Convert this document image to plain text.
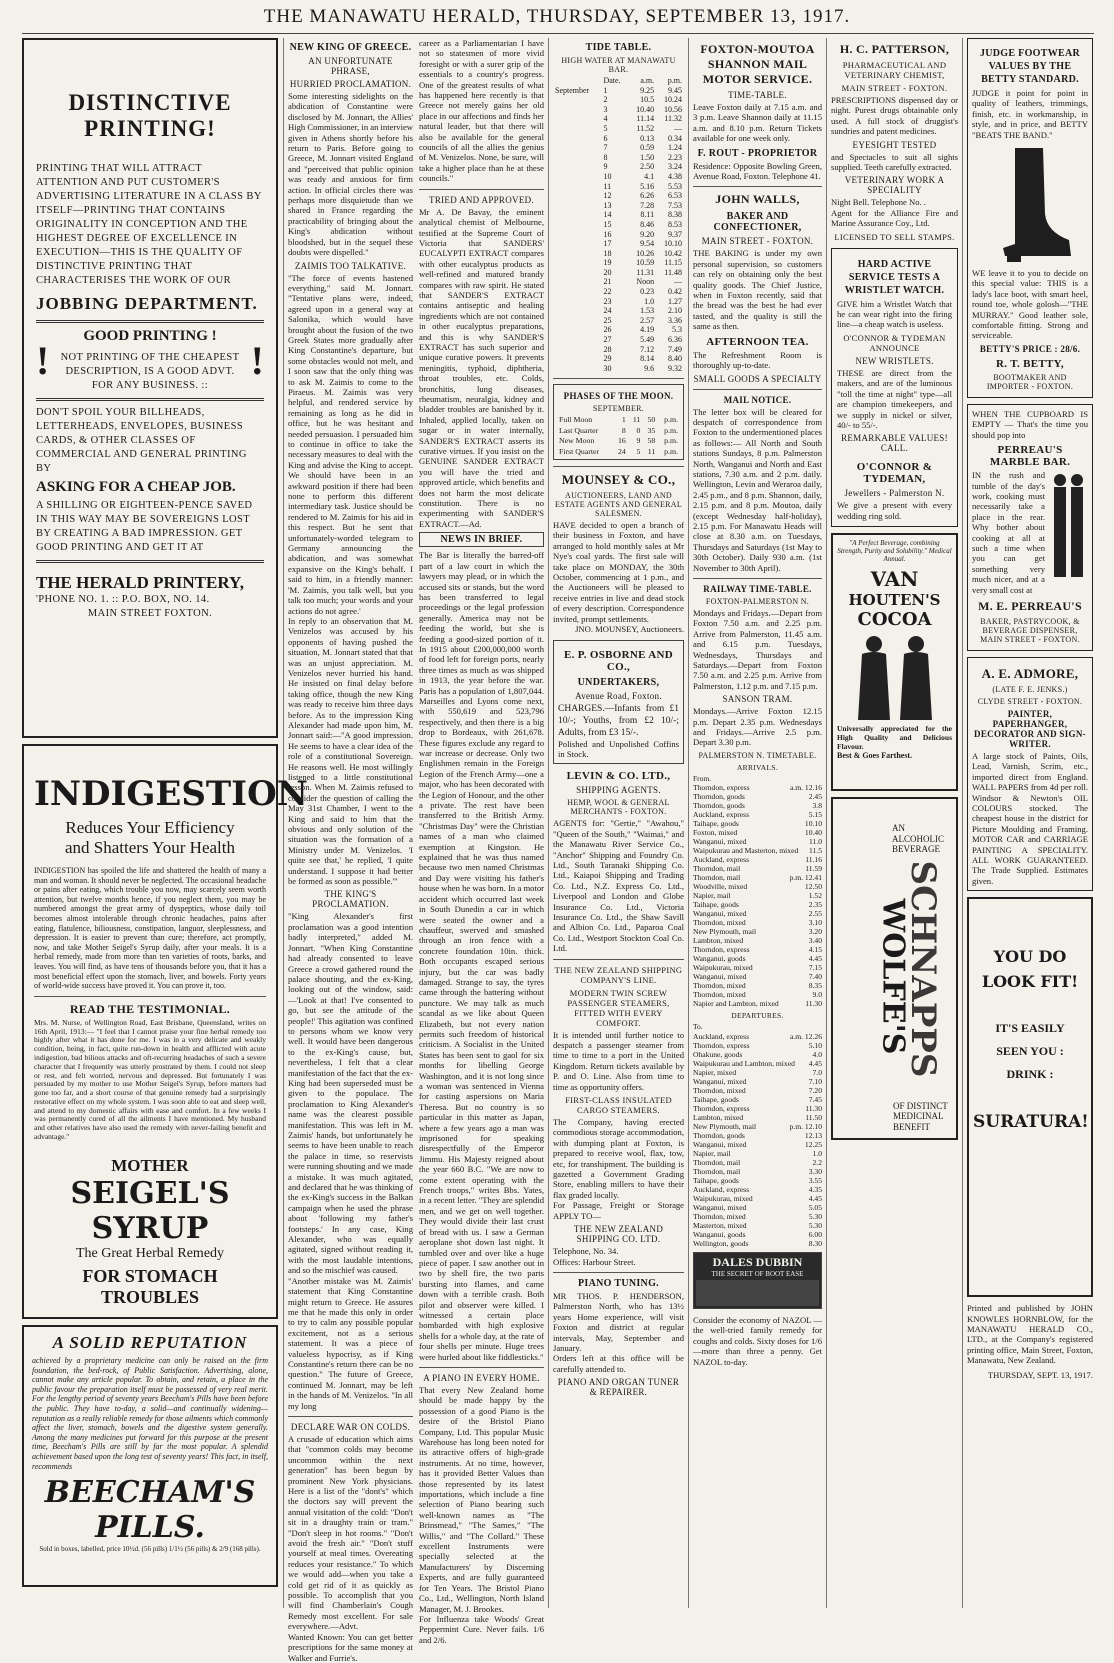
THE MANAWATU HERALD, THURSDAY, SEPTEMBER 13, 1917.
DISTINCTIVE PRINTING!
PRINTING THAT WILL ATTRACT ATTENTION AND PUT CUSTOMER'S ADVERTISING LITERATURE IN A CLASS BY ITSELF—PRINTING THAT CONTAINS ORIGINALITY IN CONCEPTION AND THE HIGHEST DEGREE OF EXCELLENCE IN EXECUTION—THIS IS THE QUALITY OF DISTINCTIVE PRINTING THAT CHARACTERISES THE WORK OF OUR
JOBBING DEPARTMENT.
!
GOOD PRINTING !
NOT PRINTING OF THE CHEAPEST DESCRIPTION, IS A GOOD ADVT. FOR ANY BUSINESS. ::
!
DON'T SPOIL YOUR BILLHEADS, LETTERHEADS, ENVELOPES, BUSINESS CARDS, & OTHER CLASSES OF COMMERCIAL AND GENERAL PRINTING BY
ASKING FOR A CHEAP JOB.
A SHILLING OR EIGHTEEN-PENCE SAVED IN THIS WAY MAY BE SOVEREIGNS LOST BY CREATING A BAD IMPRESSION. GET GOOD PRINTING AND GET IT AT
THE HERALD PRINTERY,
'PHONE NO. 1. :: P.O. BOX, NO. 14.
MAIN STREET FOXTON.
INDIGESTION
Reduces Your Efficiency and Shatters Your Health
INDIGESTION has spoiled the life and shattered the health of many a man and woman. It should never be neglected. The occasional headache or pains after eating, which trouble you now, may scarcely seem worth attention, but twelve months hence, if you neglect them, you may be numbered amongst the great army of dyspeptics, whose daily toil becomes almost intolerable through chronic headaches, pains after eating, flatulence, biliousness, constipation, languor, sleeplessness, and depression. It is easier to prevent than cure; therefore, act promptly, now, and take Mother Seigel's Syrup daily, after your meals. It is a herbal remedy, made from more than ten varieties of roots, barks, and leaves. You will find, as have tens of thousands before you, that it has a most beneficial effect upon the stomach, liver, and bowels. Forty years of world-wide success have proved it. You can prove it, too.
READ THE TESTIMONIAL.
Mrs. M. Nurse, of Wellington Road, East Brisbane, Queensland, writes on 16th April, 1913:— "I feel that I cannot praise your fine herbal remedy too highly after what it has done for me. I was in a very delicate and weakly condition, being, in fact, quite run-down in health and afflicted with acute indigestion, bad bilious attacks and oft-recurring headaches of such a severe character that I frequently was utterly prostrated by them. I could not sleep or rest, and felt worried, nervous and depressed. But fortunately I was persuaded by my mother to use Mother Seigel's Syrup, before matters had gone too far, and a short course of that genuine remedy had a surprisingly restorative effect on my whole system. I was soon able to eat and sleep well, and attend to my domestic affairs with ease and comfort. In a few weeks I was permanently cured of all the ailments I have mentioned. My husband and other relatives have also used the remedy with never-failing benefit and advantage."
MOTHER
SEIGEL'S SYRUP
The Great Herbal Remedy
FOR STOMACH TROUBLES
A SOLID REPUTATION
achieved by a proprietary medicine can only be raised on the firm foundation, the bed-rock, of Public Satisfaction. Advertising, alone, cannot make any article popular. To obtain, and retain, a place in the public favour the preparation itself must be possessed of very real merit. For the lengthy period of seventy years Beecham's Pills have been before the public. They have to-day, a solid—and continually widening—reputation as a really reliable remedy for those ailments which commonly affect the liver, stomach, bowels and the digestive system generally. Among the many medicines put forward for this purpose at the present time, Beecham's Pills are still by far the most popular. A splendid achievement based upon the long test of seventy years! This fact, in itself, recommends
BEECHAM'S
PILLS.
Sold in boxes, labelled, price 10½d. (56 pills) 1/1½ (56 pills) & 2/9 (168 pills).
NEW KING OF GREECE.
AN UNFORTUNATE PHRASE,
HURRIED PROCLAMATION.
Some interesting sidelights on the abdication of Constantine were disclosed by M. Jonnart, the Allies' High Commissioner, in an interview given in Athens shortly before his return to Paris. Before going to Greece, M. Jonnart visited England and "perceived that public opinion was ready and anxious for firm action. In official circles there was perhaps more disquietude than we shared in France regarding the practicability of bringing about the King's abdication without bloodshed, but in the sequel these doubts were dispelled."
ZAIMIS TOO TALKATIVE.
"The force of events hastened everything," said M. Jonnart. "Tentative plans were, indeed, agreed upon in a general way at Salonika, which would have brought about the fusion of the two Greek States more gradually after King Constantine's departure, but some obstacles would not melt, and I soon saw that the only thing was to ask M. Zaimis to come to the Piraeus. M. Zaimis was very helpful, and rendered service by remaining as long as he did in office, but he was hesitant and needed persuasion. I persuaded him to continue in office to take the necessary measures to deal with the King and advise the King to accept. We should have been in an awkward position if there had been none to perform this different intermediary task. Justice should be rendered to M. Zaimis for his aid in this respect. But he sent that unfortunately-worded telegram to Germany announcing the abdication, and was somewhat expansive on the King's behalf. I said to him, in a friendly manner: 'M. Zaimis, you talk well, but you talk too much; your words and your actions do not agree.'
In reply to an observation that M. Venizelos was accused by his opponents of having pushed the situation, M. Jonnart stated that that was an unjust appreciation. M. Venizelos never hurried his hand. He insisted on final delay before taking office, though the new King was ready to receive him three days before. As to the impression King Alexander had made upon him, M. Jonnart said:—"A good impression. He seems to have a clear idea of the role of a constitutional Sovereign. He reasons well. He most willingly listened to a little constitutional lesson. When M. Zaimis refused to consider the question of calling the May 31st Chamber, I went to the King and said to him that the obvious and only solution of the situation was the formation of a Ministry under M. Venizelos. 'I quite see that,' he replied, 'I quite understand. I suppose it had better be formed as soon as possible.'"
THE KING'S PROCLAMATION.
"King Alexander's first proclamation was a good intention badly interpreted," added M. Jonnart. "When King Constantine had already consented to leave Greece a crowd gathered round the palace shouting, and the ex-King, looking out of the window, said:—'Look at that! I've consented to go, but see the attitude of the people!' This agitation was confined to persons whom we know very well. It would have been dangerous to the ex-King's cause, but, nevertheless, I felt that a clear manifestation of the fact that the ex-King had been superseded must be given to the populace. The proclamation to King Alexander's name was the clearest possible manifestation. This was left in M. Zaimis' hands, but unfortunately he seems to have been unable to reach the palace in time, so reservists were running shouting and we made a mistake. It was much agitated, and declared that he was thinking of the ex-King's success in the Balkan campaign when he used the phrase about 'following my father's footsteps.' In any case, King Alexander, who was equally agitated, signed without reading it, with the most laudable intentions, and so the mischief was caused.
"Another mistake was M. Zaimis' statement that King Constantine might return to Greece. He assures me that he made this only in order to try to calm any possible popular excitement, not as a serious statement. It was a piece of valueless hypocrisy, as if King Constantine's return there can be no question." The future of Greece, continued M. Jonnart, may be left in the hands of M. Venizelos. "In all my long
DECLARE WAR ON COLDS.
A crusade of education which aims that "common colds may become uncommon within the next generation" has been begun by prominent New York physicians. Here is a list of the "dont's" which the doctors say will prevent the annual visitation of the cold: "Don't sit in a draughty train or tram." "Don't sleep in hot rooms." "Don't avoid the fresh air." "Don't stuff yourself at meal times. Overeating reduces your resistance." To which we would add—when you take a cold get rid of it as quickly as possible. To accomplish that you will find Chamberlain's Cough Remedy most excellent. For sale everywhere.—Advt.
Wanted Known: You can get better prescriptions for the same money at Walker and Furrie's.
career as a Parliamentarian I have not so statesmen of more vivid foresight or with a surer grip of the essentials to a country's progress. One of the greatest results of what has happened here recently is that Greece not merely gains her old place in our affections and finds her natural leader, but that there will also be available for the general councils of all the allies the genius of M. Venizelos. None, be sure, will take a higher place than he at these councils."
TRIED AND APPROVED.
Mr A. De Bavay, the eminent analytical chemist of Melbourne, testified at the Supreme Court of Victoria that SANDERS' EUCALYPTI EXTRACT compares with other eucalyptus products as well-refined and matured brandy compares with raw spirit. He stated that SANDER'S EXTRACT contains antiseptic and healing ingredients which are not contained in other eucalyptus preparations, and this is why SANDER'S EXTRACT has such superior and unique curative powers. It prevents meningitis, typhoid, diphtheria, throat troubles, etc. Colds, bronchitis, lung diseases, rheumatism, neuralgia, kidney and bladder troubles are banished by it. Inhaled, applied locally, taken on sugar or in water internally, SANDER'S EXTRACT asserts its curative virtues. If you insist on the GENUINE SANDER EXTRACT you will have the tried and approved article, which benefits and does not harm the most delicate constitution. There is no experimenting with SANDER'S EXTRACT.—Ad.
NEWS IN BRIEF.
The Bar is literally the barred-off part of a law court in which the lawyers may plead, or in which the accused sits or stands, but the word has been transferred to legal proceedings or the legal profession generally. America may not be feeding the world, but she is feeding a good-sized portion of it. In 1915 about £200,000,000 worth of food left for foreign ports, nearly three times as much as was shipped in 1913, the year before the war. Paris has a population of 1,807,044. Marseilles and Lyons come next, with 550,619 and 523,796 respectively, and then there is a big drop to Bordeaux, with 261,678. These figures exclude any regard to war increase or decrease. Only two Englishmen remain in the Foreign Legion of the French Army—one a major, who has been decorated with the Legion of Honour, and the other a private. The rest have been transferred to the British Army. "Christmas Day" were the Christian names of a man who claimed exemption at Kingston. He explained that he was thus named because two men named Christmas and Day were visiting his father's house when he was born. In a motor accident which occurred last week in South Dunedin a car in which were seated the owner and a chauffeur, swerved and smashed through an iron fence with a concrete foundation 10in. thick. Both occupants escaped serious injury, but the car was badly damaged. Strange to say, the tyres came through the battering without puncture. We may talk as much scandal as we like about Queen Elizabeth, but not every nation permits such freedom of historical criticism. A Socialist in the United States has been sent to gaol for six months for libelling George Washington, and it is not long since a woman was sentenced in Vienna for casting aspersions on Maria Theresa. But no country is so particular in this matter as Japan, where a few years ago a man was imprisoned for speaking disrespectfully of the Emperor Jimmu. His Majesty reigned about the year 660 B.C. "We are now to come extent operating with the French troops," writes Bbs. Yates, in a recent letter. "They are splendid men, and we get on well together. They would divide their last crust of bread with us. I saw a German aeroplane shot down last night. It tumbled over and over like a huge piece of paper. I saw another out in two by shell fire, the two parts bursting into flames, and came down with a terrible crash. Both pilot and observer were killed. I witnessed a certain place bombarded with high explosive shells for a whole day, at the rate of four shells per minute. Huge trees were hurled about like fiddlesticks."
A PIANO IN EVERY HOME.
That every New Zealand home should be made happy by the possession of a good Piano is the desire of the Bristol Piano Company, Ltd. This popular Music Warehouse has long been noted for its attractive offers of high-grade instruments. At no time, however, has it provided Better Values than those represented by its latest importations, which include a fine selection of Piano bearing such well-known names as "The Brinsmead," "The Sames," "The Willis," and "The Collard." These excellent Instruments were specially selected at the Manufacturers' by Discerning Experts, and are fully guaranteed for Ten Years. The Bristol Piano Co., Ltd., Wellington, North Island Manager, M. J. Brookes.
For Influenza take Woods' Great Peppermint Cure. Never fails. 1/6 and 2/6.
TIDE TABLE.
HIGH WATER AT MANAWATU BAR.
	Date.	a.m.	p.m.
September	1	9.25	9.45
	2	10.5	10.24
	3	10.40	10.56
	4	11.14	11.32
	5	11.52	—
	6	0.13	0.34
	7	0.59	1.24
	8	1.50	2.23
	9	2.50	3.24
	10	4.1	4.38
	11	5.16	5.53
	12	6.26	6.53
	13	7.28	7.53
	14	8.11	8.38
	15	8.46	8.53
	16	9.20	9.37
	17	9.54	10.10
	18	10.26	10.42
	19	10.59	11.15
	20	11.31	11.48
	21	Noon	—
	22	0.23	0.42
	23	1.0	1.27
	24	1.53	2.10
	25	2.57	3.36
	26	4.19	5.3
	27	5.49	6.36
	28	7.12	7.49
	29	8.14	8.40
	30	9.6	9.32
PHASES OF THE MOON.
SEPTEMBER.
Full Moon	1	11	50	p.m.
Last Quarter	8	0	35	p.m.
New Moon	16	9	58	p.m.
First Quarter	24	5	11	p.m.
MOUNSEY & CO.,
AUCTIONEERS, LAND AND ESTATE AGENTS AND GENERAL SALESMEN.
HAVE decided to open a branch of their business in Foxton, and have arranged to hold monthly sales at Mr Nye's coal yards. The first sale will take place on MONDAY, the 30th October, commencing at 1 p.m., and the Auctioneers will be pleased to receive entries in live and dead stock of every description. Correspondence invited, prompt settlements.
JNO. MOUNSEY, Auctioneers.
E. P. OSBORNE AND CO.,
UNDERTAKERS,
Avenue Road, Foxton.
CHARGES.—Infants from £1 10/-; Youths, from £2 10/-; Adults, from £3 15/-.
Polished and Unpolished Coffins in Stock.
LEVIN & CO. LTD.,
SHIPPING AGENTS.
HEMP, WOOL & GENERAL MERCHANTS - FOXTON.
AGENTS for: "Gertie," "Awahou," "Queen of the South," "Waimai," and the Manawatu River Service Co., "Anchor" Shipping and Foundry Co. Ltd., South Taranaki Shipping Co. Ltd., Kaiapoi Shipping and Trading Co. Ltd., N.Z. Express Co. Ltd., Liverpool and London and Globe Insurance Co. Ltd., Victoria Insurance Co. Ltd., the Shaw Savill and Albion Co. Ltd., Paparoa Coal Co. Ltd., Westport Stockton Coal Co. Ltd.
THE NEW ZEALAND SHIPPING COMPANY'S LINE.
MODERN TWIN SCREW PASSENGER STEAMERS, FITTED WITH EVERY COMFORT.
It is intended until further notice to despatch a passenger steamer from time to time to a port in the United Kingdom. Return tickets available by P. and O. Line. Also from time to time as opportunity offers.
FIRST-CLASS INSULATED CARGO STEAMERS.
The Company, having erected commodious storage accommodation, with dumping plant at Foxton, is prepared to receive wool, flax, tow, etc, for transhipment. The building is gazetted a Government Grading Store, enabling millers to have their flax graded locally.
For Passage, Freight or Storage APPLY TO—
THE NEW ZEALAND SHIPPING CO. LTD.
Telephone, No. 34.
Offices: Harbour Street.
PIANO TUNING.
MR THOS. P. HENDERSON, Palmerston North, who has 13½ years Home experience, will visit Foxton and district at regular intervals, May, September and January.
Orders left at this office will be carefully attended to.
PIANO AND ORGAN TUNER & REPAIRER.
FOXTON-MOUTOA SHANNON MAIL MOTOR SERVICE.
TIME-TABLE.
Leave Foxton daily at 7.15 a.m. and 3 p.m. Leave Shannon daily at 11.15 a.m. and 8.10 p.m. Return Tickets available for one week only.
F. ROUT - PROPRIETOR
Residence: Opposite Bowling Green, Avenue Road, Foxton. Telephone 41.
JOHN WALLS,
BAKER AND CONFECTIONER,
MAIN STREET - FOXTON.
THE BAKING is under my own personal supervision, so customers can rely on obtaining only the best quality goods. The Chief Justice, when in Foxton recently, said that the bread was the best he had ever tasted, and the quality is still the same as then.
AFTERNOON TEA.
The Refreshment Room is thoroughly up-to-date.
SMALL GOODS A SPECIALTY
MAIL NOTICE.
The letter box will be cleared for despatch of correspondence from Foxton to the undermentioned places as follows:— All North and South stations Sundays, 8 p.m. Palmerston North, Wanganui and North and East stations, 7.30 a.m. and 2 p.m. daily. Wellington, Levin and Weraroa daily, 2.45 p.m., and 8 p.m. Shannon, daily, 2.15 p.m. and 8 p.m. Moutoa, daily (except Wednesday half-holiday), 2.15 p.m. For Manawatu Heads will close at 8.30 a.m. on Tuesdays, Thursdays and Saturdays (1st May to 30th October). Daily 930 a.m. (1st November to 30th April).
RAILWAY TIME-TABLE.
FOXTON-PALMERSTON N.
Mondays and Fridays.—Depart from Foxton 7.50 a.m. and 2.25 p.m. Arrive from Palmerston, 11.45 a.m. and 6.15 p.m. Tuesdays, Wednesdays, Thursdays and Saturdays.—Depart from Foxton 7.50 a.m. and 2.25 p.m. Arrive from Palmerston, 1.12 p.m. and 7.15 p.m.
SANSON TRAM.
Mondays.—Arrive Foxton 12.15 p.m. Depart 2.35 p.m. Wednesdays and Fridays.—Arrive 2.5 p.m. Depart 3.30 p.m.
PALMERSTON N. TIMETABLE.
ARRIVALS.
From.
Thorndon, express	a.m. 12.16
Thorndon, goods	2.45
Thorndon, goods	3.8
Auckland, express	5.15
Taihape, goods	10.10
Foxton, mixed	10.40
Wanganui, mixed	11.0
Waipukurau and Masterton, mixed 11.5
Auckland, express	11.16
Thorndon, mail	11.59
Thorndon, mail	p.m. 12.41
Woodville, mixed	12.50
Napier, mail	1.52
Taihape, goods	2.35
Wanganui, mixed	2.55
Thorndon, mixed	3.10
New Plymouth, mail	3.20
Lambton, mixed	3.40
Thorndon, express	4.15
Wanganui, goods	4.45
Waipukurau, mixed	7.15
Wanganui, mixed	7.40
Thorndon, mixed	8.35
Thorndon, mixed	9.0
Napier and Lambton, mixed	11.30
DEPARTURES.
To.
Auckland, express	a.m. 12.26
Thorndon, express	5.10
Ohakune, goods	4.0
Waipukurau and Lambton, mixed 4.45
Napier, mixed	7.0
Wanganui, mixed	7.10
Thorndon, mixed	7.20
Taihape, goods	7.45
Thorndon, express	11.30
Lambton, mixed	11.50
New Plymouth, mail	p.m. 12.10
Thorndon, goods	12.13
Wanganui, mixed	12.25
Napier, mail	1.0
Thorndon, mail	2.2
Thorndon, mail	3.30
Taihape, goods	3.55
Auckland, express	4.35
Waipukurau, mixed	4.45
Wanganui, mixed	5.05
Thorndon, mixed	5.30
Masterton, mixed	5.30
Wanganui, goods	6.00
Wellington, goods	8.30
DALES DUBBIN
THE SECRET OF BOOT EASE
Consider the economy of NAZOL —the well-tried family remedy for coughs and colds. Sixty doses for 1/6—more than three a penny. Get NAZOL to-day.
H. C. PATTERSON,
PHARMACEUTICAL AND VETERINARY CHEMIST,
MAIN STREET - FOXTON.
PRESCRIPTIONS dispensed day or night. Purest drugs obtainable only used. A full stock of druggist's sundries and patent medicines.
EYESIGHT TESTED
and Spectacles to suit all sights supplied. Teeth carefully extracted.
VETERINARY WORK A SPECIALITY
Night Bell. Telephone No. .
Agent for the Alliance Fire and Marine Assurance Coy., Ltd.
LICENSED TO SELL STAMPS.
HARD ACTIVE SERVICE TESTS A WRISTLET WATCH.
GIVE him a Wristlet Watch that he can wear right into the firing line—a cheap watch is useless.
O'CONNOR & TYDEMAN ANNOUNCE
NEW WRISTLETS.
THESE are direct from the makers, and are of the luminous "toll the time at night" type—all are champion timekeepers, and we supply in nickel or silver, 40/- to 55/-.
REMARKABLE VALUES! CALL.
O'CONNOR & TYDEMAN,
Jewellers - Palmerston N.
We give a present with every wedding ring sold.
"A Perfect Beverage, combining Strength, Purity and Solubility." Medical Annual.
VAN
HOUTEN'S
COCOA
Universally appreciated for the High Quality and Delicious Flavour.
Best & Goes Farthest.
AN ALCOHOLIC BEVERAGE
WOLFE'S
SCHNAPPS
OF DISTINCT MEDICINAL BENEFIT
JUDGE FOOTWEAR VALUES BY THE BETTY STANDARD.
JUDGE it point for point in quality of leathers, trimmings, finish, etc. in workmanship, in style, and in price, and BETTY "BEATS THE BAND."
WE leave it to you to decide on this special value: THIS is a lady's lace boot, with smart heel, round toe, whole golosh—"THE MURRAY." Good leather sole, comfortable fitting. Strong and serviceable.
BETTY'S PRICE : 28/6.
R. T. BETTY,
BOOTMAKER AND IMPORTER - FOXTON.
WHEN THE CUPBOARD IS EMPTY — That's the time you should pop into
PERREAU'S MARBLE BAR.
IN the rush and tumble of the day's work, cooking must necessarily take a place in the rear. Why bother about cooking at all at such a time when you can get something very much nicer, and at a very small cost at
M. E. PERREAU'S
BAKER, PASTRYCOOK, & BEVERAGE DISPENSER, MAIN STREET - FOXTON.
A. E. ADMORE,
(LATE F. E. JENKS.)
CLYDE STREET - FOXTON.
PAINTER, PAPERHANGER, DECORATOR AND SIGN-WRITER.
A large stock of Paints, Oils, Lead, Varnish, Scrim, etc., imported direct from England. WALL PAPERS from 4d per roll. Windsor & Newton's OIL COLOURS stocked. The cheapest house in the district for Picture Moulding and Framing. MOTOR CAR and CARRIAGE PAINTING A SPECIALITY. ALL WORK GUARANTEED. The Trade Supplied. Estimates given.
YOU DO
LOOK FIT!
IT'S EASILY
SEEN YOU :
DRINK :
SURATURA!
Printed and published by JOHN KNOWLES HORNBLOW, for the MANAWATU HERALD CO., LTD., at the Company's registered printing office, Main Street, Foxton, Manawatu, New Zealand.
THURSDAY, SEPT. 13, 1917.
